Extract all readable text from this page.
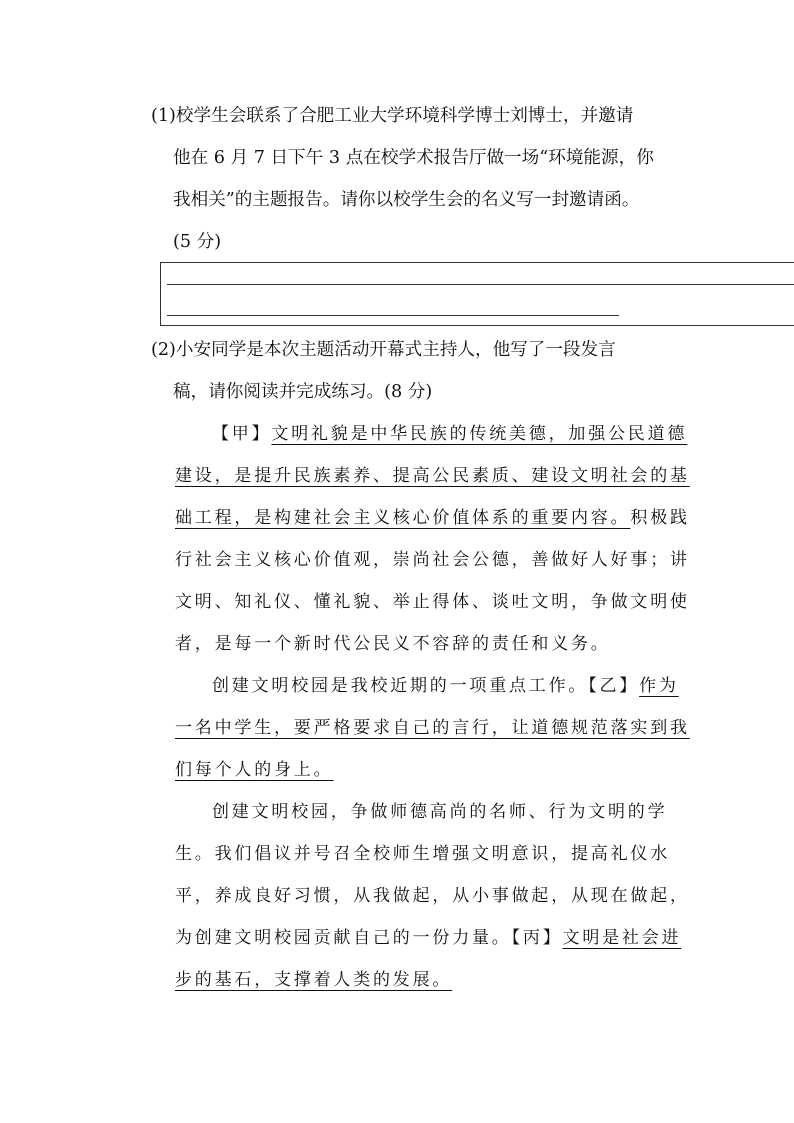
(1)校学生会联系了合肥工业大学环境科学博士刘博士，并邀请
他在 6 月 7 日下午 3 点在校学术报告厅做一场“环境能源，你
我相关”的主题报告。请你以校学生会的名义写一封邀请函。
(5 分)
(2)小安同学是本次主题活动开幕式主持人，他写了一段发言
稿，请你阅读并完成练习。(8 分)
【甲】文明礼貌是中华民族的传统美德，加强公民道德
建设，是提升民族素养、提高公民素质、建设文明社会的基
础工程，是构建社会主义核心价值体系的重要内容。积极践
行社会主义核心价值观，崇尚社会公德，善做好人好事；讲
文明、知礼仪、懂礼貌、举止得体、谈吐文明，争做文明使
者，是每一个新时代公民义不容辞的责任和义务。
创建文明校园是我校近期的一项重点工作。【乙】作为
一名中学生，要严格要求自己的言行，让道德规范落实到我
们每个人的身上。
创建文明校园，争做师德高尚的名师、行为文明的学
生。我们倡议并号召全校师生增强文明意识，提高礼仪水
平，养成良好习惯，从我做起，从小事做起，从现在做起，
为创建文明校园贡献自己的一份力量。【丙】文明是社会进
步的基石，支撑着人类的发展。
